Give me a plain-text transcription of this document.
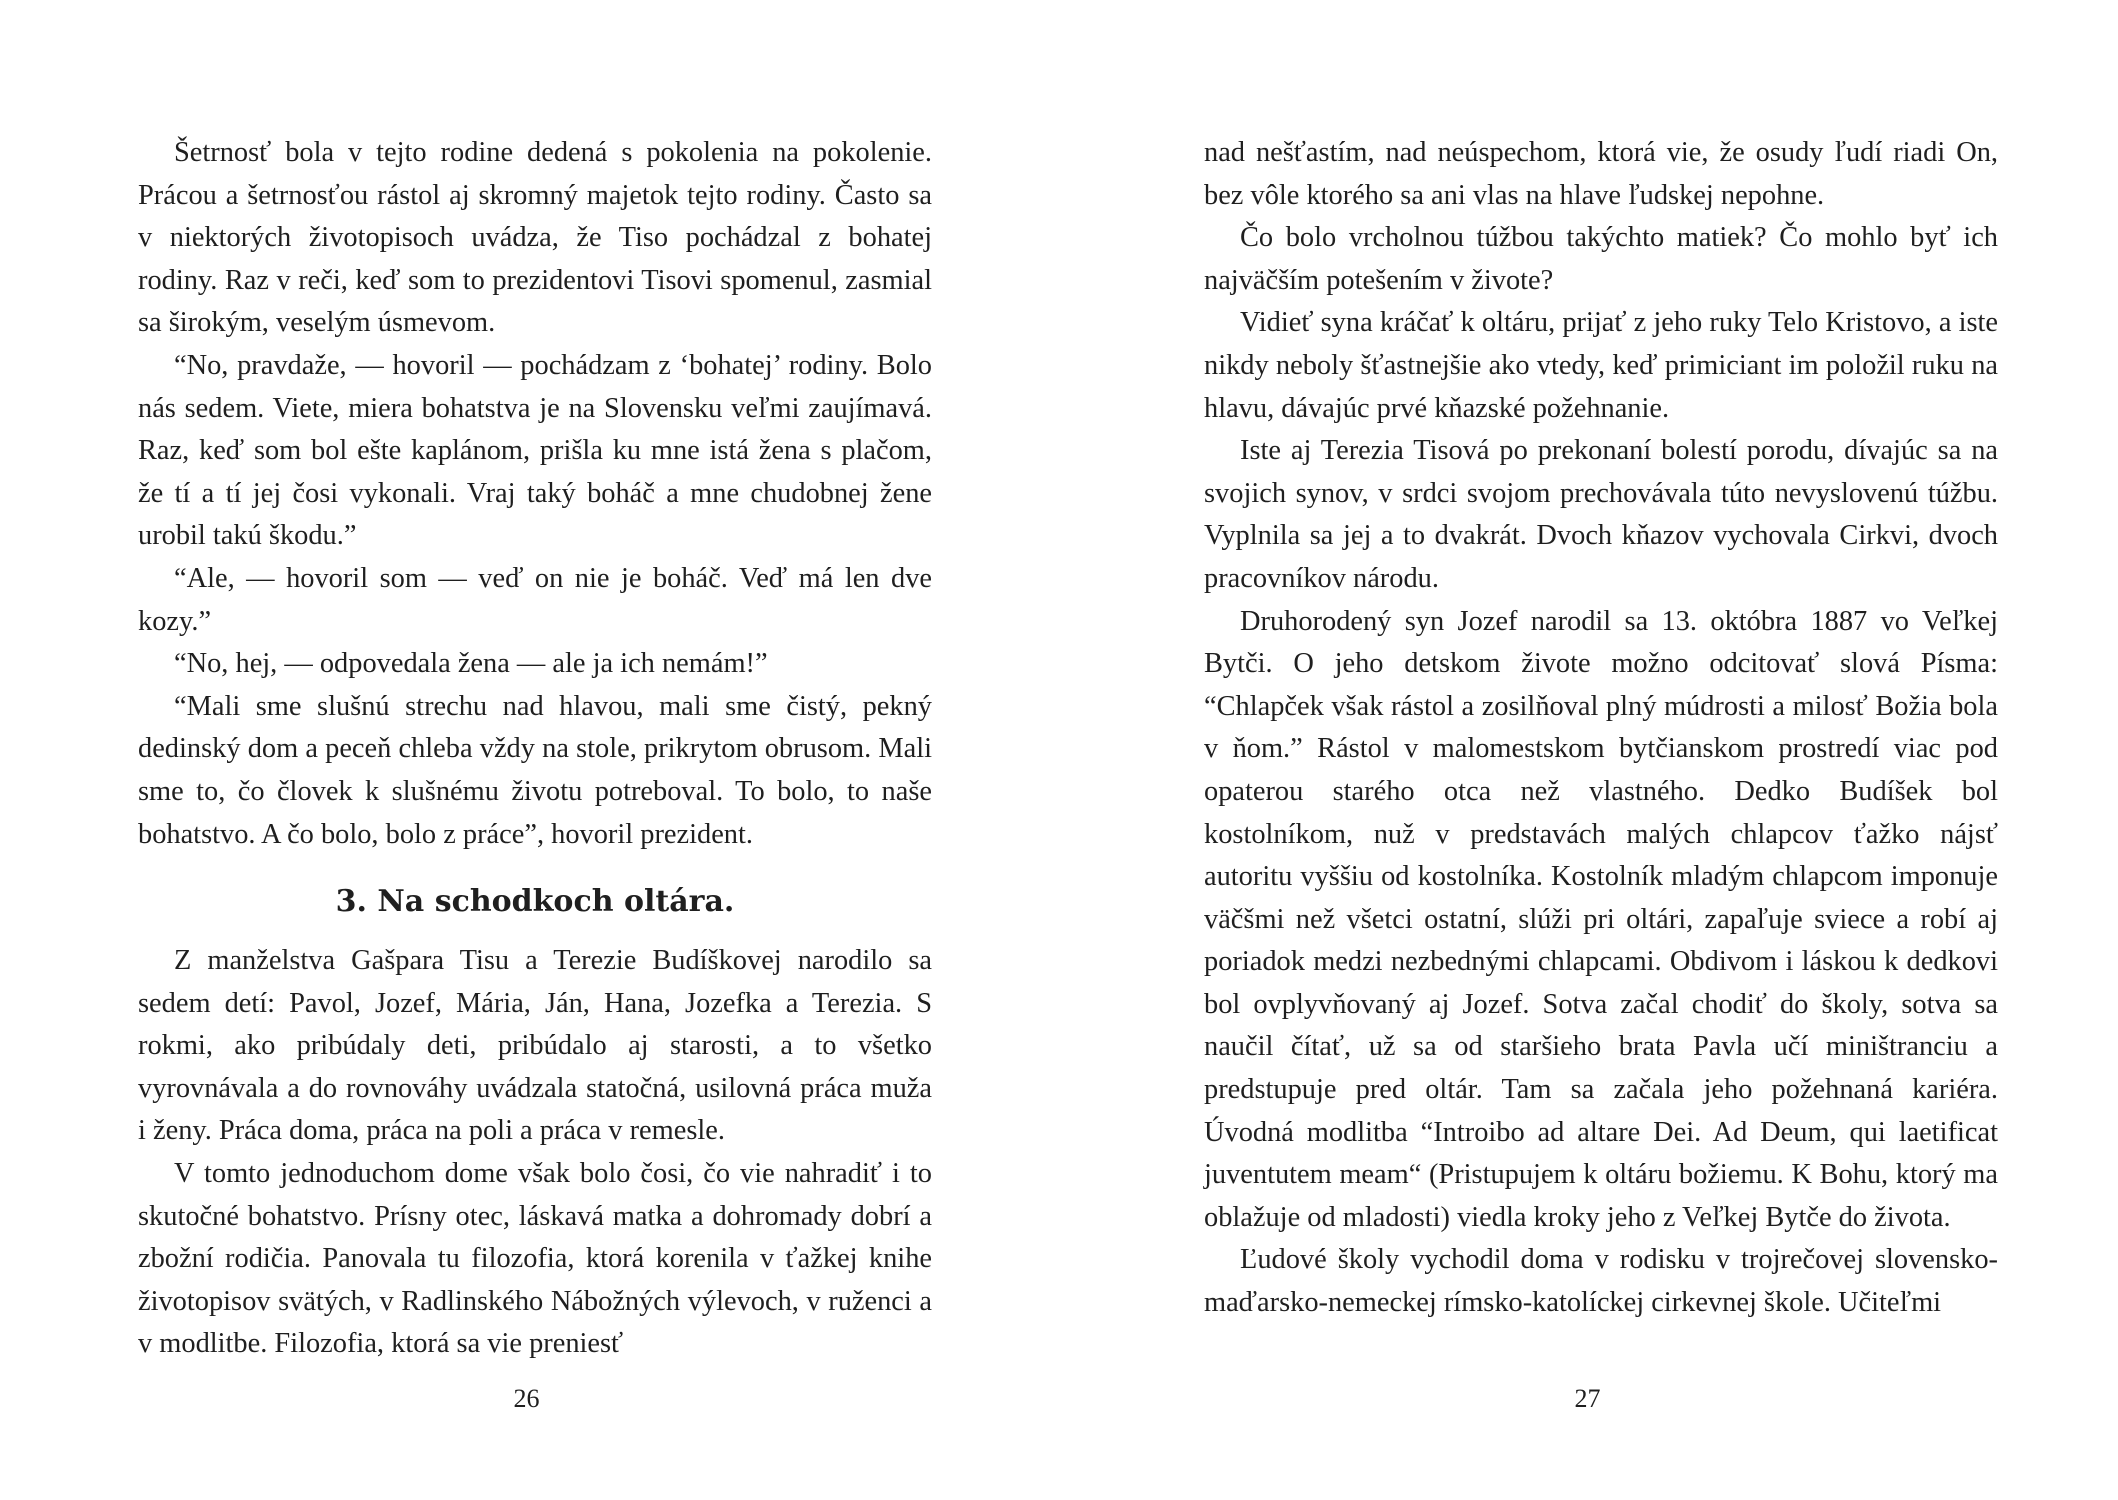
Šetrnosť bola v tejto rodine dedená s pokolenia na pokolenie. Prácou a šetrnosťou rástol aj skromný majetok tejto rodiny. Často sa v niektorých životopisoch uvádza, že Tiso pochádzal z bohatej rodiny. Raz v reči, keď som to prezidentovi Tisovi spomenul, zasmial sa širokým, veselým úsmevom.

“No, pravdaže, — hovoril — pochádzam z ‘bohatej’ rodiny. Bolo nás sedem. Viete, miera bohatstva je na Slovensku veľmi zaujímavá. Raz, keď som bol ešte kaplánom, prišla ku mne istá žena s plačom, že tí a tí jej čosi vykonali. Vraj taký boháč a mne chudobnej žene urobil takú škodu.”

“Ale, — hovoril som — veď on nie je boháč. Veď má len dve kozy.”

“No, hej, — odpovedala žena — ale ja ich nemám!”

“Mali sme slušnú strechu nad hlavou, mali sme čistý, pekný dedinský dom a peceň chleba vždy na stole, prikrytom obrusom. Mali sme to, čo človek k slušnému životu potreboval. To bolo, to naše bohatstvo. A čo bolo, bolo z práce”, hovoril prezident.

3. Na schodkoch oltára.

Z manželstva Gašpara Tisu a Terezie Budíškovej narodilo sa sedem detí: Pavol, Jozef, Mária, Ján, Hana, Jozefka a Terezia. S rokmi, ako pribúdaly deti, pribúdalo aj starosti, a to všetko vyrovnávala a do rovnováhy uvádzala statočná, usilovná práca muža i ženy. Práca doma, práca na poli a práca v remesle.

V tomto jednoduchom dome však bolo čosi, čo vie nahradiť i to skutočné bohatstvo. Prísny otec, láskavá matka a dohromady dobrí a zbožní rodičia. Panovala tu filozofia, ktorá korenila v ťažkej knihe životopisov svätých, v Radlinského Nábožných výlevoch, v ruženci a v modlitbe. Filozofia, ktorá sa vie preniesť

26

nad nešťastím, nad neúspechom, ktorá vie, že osudy ľudí riadi On, bez vôle ktorého sa ani vlas na hlave ľudskej nepohne.

Čo bolo vrcholnou túžbou takýchto matiek? Čo mohlo byť ich najväčším potešením v živote?

Vidieť syna kráčať k oltáru, prijať z jeho ruky Telo Kristovo, a iste nikdy neboly šťastnejšie ako vtedy, keď primiciant im položil ruku na hlavu, dávajúc prvé kňazské požehnanie.

Iste aj Terezia Tisová po prekonaní bolestí porodu, dívajúc sa na svojich synov, v srdci svojom prechovávala túto nevyslovenú túžbu. Vyplnila sa jej a to dvakrát. Dvoch kňazov vychovala Cirkvi, dvoch pracovníkov národu.

Druhorodený syn Jozef narodil sa 13. októbra 1887 vo Veľkej Bytči. O jeho detskom živote možno odcitovať slová Písma: “Chlapček však rástol a zosilňoval plný múdrosti a milosť Božia bola v ňom.” Rástol v malomestskom bytčianskom prostredí viac pod opaterou starého otca než vlastného. Dedko Budíšek bol kostolníkom, nuž v predstavách malých chlapcov ťažko nájsť autoritu vyššiu od kostolníka. Kostolník mladým chlapcom imponuje väčšmi než všetci ostatní, slúži pri oltári, zapaľuje sviece a robí aj poriadok medzi nezbednými chlapcami. Obdivom i láskou k dedkovi bol ovplyvňovaný aj Jozef. Sotva začal chodiť do školy, sotva sa naučil čítať, už sa od staršieho brata Pavla učí miništranciu a predstupuje pred oltár. Tam sa začala jeho požehnaná kariéra. Úvodná modlitba “Introibo ad altare Dei. Ad Deum, qui laetificat juventutem meam“ (Pristupujem k oltáru božiemu. K Bohu, ktorý ma oblažuje od mladosti) viedla kroky jeho z Veľkej Bytče do života.

Ľudové školy vychodil doma v rodisku v trojrečovej slovensko-maďarsko-nemeckej rímsko-katolíckej cirkevnej škole. Učiteľmi

27
